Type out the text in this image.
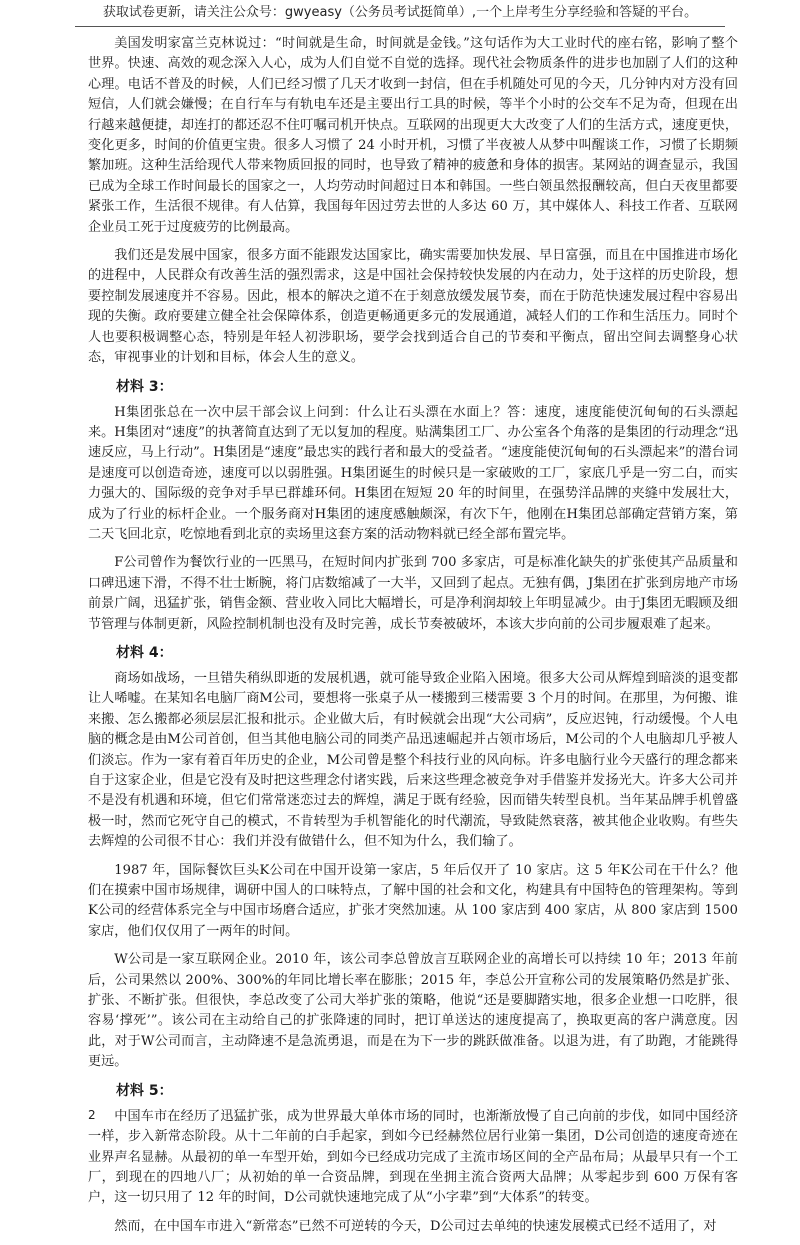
获取试卷更新，请关注公众号：gwyeasy（公务员考试挺简单）,一个上岸考生分享经验和答疑的平台。

美国发明家富兰克林说过：“时间就是生命，时间就是金钱。”这句话作为大工业时代的座右铭，影响了整个世界。快速、高效的观念深入人心，成为人们自觉不自觉的选择。现代社会物质条件的进步也加剧了人们的这种心理。电话不普及的时候，人们已经习惯了几天才收到一封信，但在手机随处可见的今天，几分钟内对方没有回短信，人们就会嫌慢；在自行车与有轨电车还是主要出行工具的时候，等半个小时的公交车不足为奇，但现在出行越来越便捷，却连打的都还忍不住叮嘱司机开快点。互联网的出现更大大改变了人们的生活方式，速度更快，变化更多，时间的价值更宝贵。很多人习惯了 24 小时开机，习惯了半夜被人从梦中叫醒谈工作，习惯了长期频繁加班。这种生活给现代人带来物质回报的同时，也导致了精神的疲惫和身体的损害。某网站的调查显示，我国已成为全球工作时间最长的国家之一，人均劳动时间超过日本和韩国。一些白领虽然报酬较高，但白天夜里都要紧张工作，生活很不规律。有人估算，我国每年因过劳去世的人多达 60 万，其中媒体人、科技工作者、互联网企业员工死于过度疲劳的比例最高。

我们还是发展中国家，很多方面不能跟发达国家比，确实需要加快发展、早日富强，而且在中国推进市场化的进程中，人民群众有改善生活的强烈需求，这是中国社会保持较快发展的内在动力，处于这样的历史阶段，想要控制发展速度并不容易。因此，根本的解决之道不在于刻意放缓发展节奏，而在于防范快速发展过程中容易出现的失衡。政府要建立健全社会保障体系，创造更畅通更多元的发展通道，减轻人们的工作和生活压力。同时个人也要积极调整心态，特别是年轻人初涉职场，要学会找到适合自己的节奏和平衡点，留出空间去调整身心状态，审视事业的计划和目标，体会人生的意义。

材料 3：

H集团张总在一次中层干部会议上问到：什么让石头漂在水面上？答：速度，速度能使沉甸甸的石头漂起来。H集团对“速度”的执著简直达到了无以复加的程度。贴满集团工厂、办公室各个角落的是集团的行动理念“迅速反应，马上行动”。H集团是“速度”最忠实的践行者和最大的受益者。“速度能使沉甸甸的石头漂起来”的潜台词是速度可以创造奇迹，速度可以以弱胜强。H集团诞生的时候只是一家破败的工厂，家底几乎是一穷二白，而实力强大的、国际级的竞争对手早已群雄环伺。H集团在短短 20 年的时间里，在强势洋品牌的夹缝中发展壮大，成为了行业的标杆企业。一个服务商对H集团的速度感触颇深，有次下午，他刚在H集团总部确定营销方案，第二天飞回北京，吃惊地看到北京的卖场里这套方案的活动物料就已经全部布置完毕。

F公司曾作为餐饮行业的一匹黑马，在短时间内扩张到 700 多家店，可是标准化缺失的扩张使其产品质量和口碑迅速下滑，不得不壮士断腕，将门店数缩减了一大半，又回到了起点。无独有偶，J集团在扩张到房地产市场前景广阔，迅猛扩张，销售金额、营业收入同比大幅增长，可是净利润却较上年明显减少。由于J集团无暇顾及细节管理与体制更新，风险控制机制也没有及时完善，成长节奏被破坏，本该大步向前的公司步履艰难了起来。

材料 4：

商场如战场，一旦错失稍纵即逝的发展机遇，就可能导致企业陷入困境。很多大公司从辉煌到暗淡的退变都让人唏嘘。在某知名电脑厂商M公司，要想将一张桌子从一楼搬到三楼需要 3 个月的时间。在那里，为何搬、谁来搬、怎么搬都必须层层汇报和批示。企业做大后，有时候就会出现“大公司病”，反应迟钝，行动缓慢。个人电脑的概念是由M公司首创，但当其他电脑公司的同类产品迅速崛起并占领市场后，M公司的个人电脑却几乎被人们淡忘。作为一家有着百年历史的企业，M公司曾是整个科技行业的风向标。许多电脑行业今天盛行的理念都来自于这家企业，但是它没有及时把这些理念付诸实践，后来这些理念被竞争对手借鉴并发扬光大。许多大公司并不是没有机遇和环境，但它们常常迷恋过去的辉煌，满足于既有经验，因而错失转型良机。当年某品牌手机曾盛极一时，然而它死守自己的模式，不肯转型为手机智能化的时代潮流，导致陡然衰落，被其他企业收购。有些失去辉煌的公司很不甘心：我们并没有做错什么，但不知为什么，我们输了。

1987 年，国际餐饮巨头K公司在中国开设第一家店，5 年后仅开了 10 家店。这 5 年K公司在干什么？他们在摸索中国市场规律，调研中国人的口味特点，了解中国的社会和文化，构建具有中国特色的管理架构。等到K公司的经营体系完全与中国市场磨合适应，扩张才突然加速。从 100 家店到 400 家店，从 800 家店到 1500 家店，他们仅仅用了一两年的时间。

W公司是一家互联网企业。2010 年，该公司李总曾放言互联网企业的高增长可以持续 10 年；2013 年前后，公司果然以 200%、300%的年同比增长率在膨胀；2015 年，李总公开宣称公司的发展策略仍然是扩张、扩张、不断扩张。但很快，李总改变了公司大举扩张的策略，他说“还是要脚踏实地，很多企业想一口吃胖，很容易‘撑死’”。该公司在主动给自己的扩张降速的同时，把订单送达的速度提高了，换取更高的客户满意度。因此，对于W公司而言，主动降速不是急流勇退，而是在为下一步的跳跃做准备。以退为进，有了助跑，才能跳得更远。

材料 5：

中国车市在经历了迅猛扩张，成为世界最大单体市场的同时，也渐渐放慢了自己向前的步伐，如同中国经济一样，步入新常态阶段。从十二年前的白手起家，到如今已经赫然位居行业第一集团，D公司创造的速度奇迹在业界声名显赫。从最初的单一车型开始，到如今已经成功完成了主流市场区间的全产品布局；从最早只有一个工厂，到现在的四地八厂；从初始的单一合资品牌，到现在坐拥主流合资两大品牌；从零起步到 600 万保有客户，这一切只用了 12 年的时间，D公司就快速地完成了从“小字辈”到“大体系”的转变。

然而，在中国车市进入“新常态”已然不可逆转的今天，D公司过去单纯的快速发展模式已经不适用了，对

2
